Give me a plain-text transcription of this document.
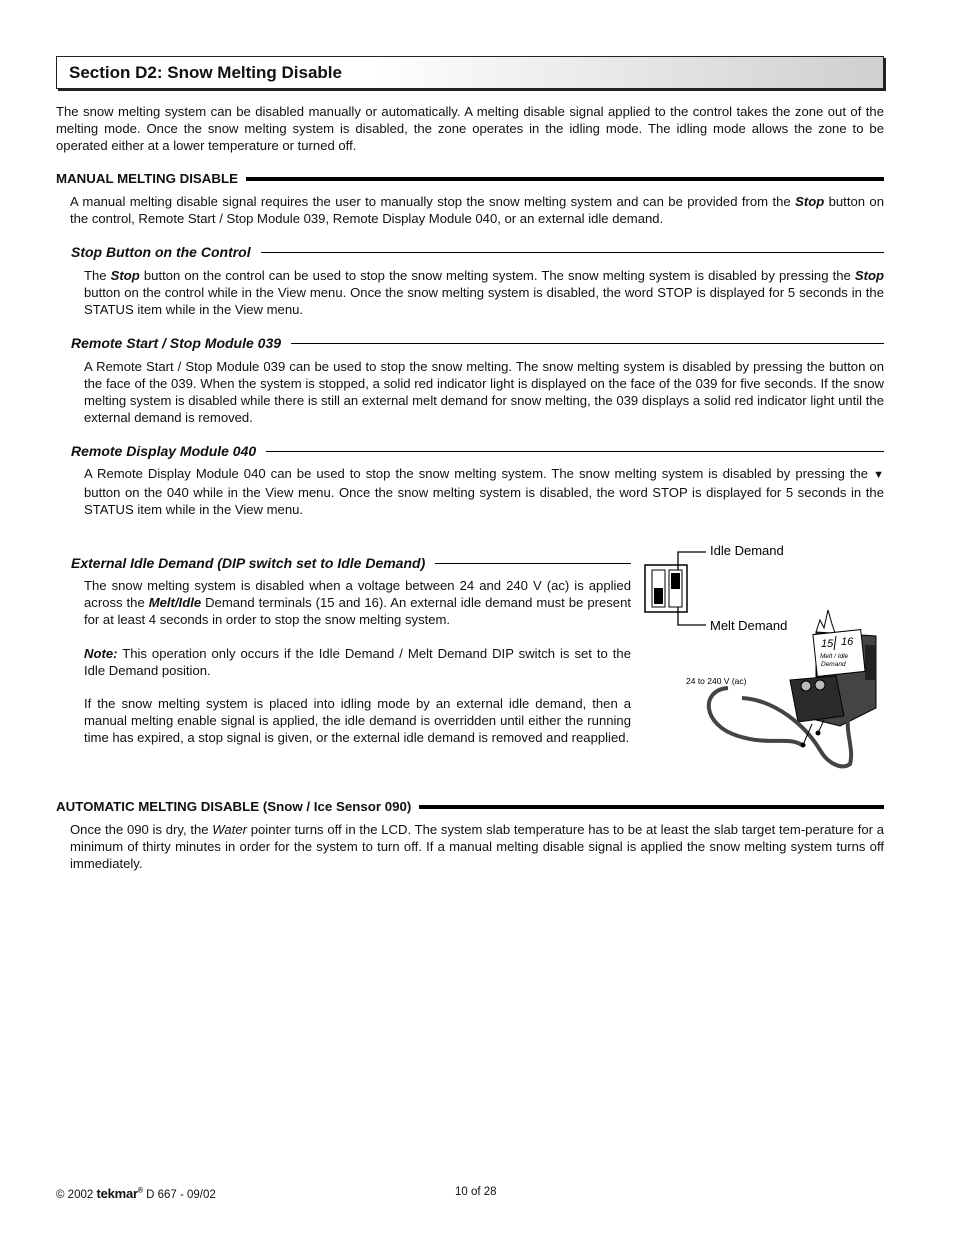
Section D2: Snow Melting Disable

The snow melting system can be disabled manually or automatically. A melting disable signal applied to the control takes the zone out of the melting mode. Once the snow melting system is disabled, the zone operates in the idling mode. The idling mode allows the zone to be operated either at a lower temperature or turned off.

MANUAL MELTING DISABLE

A manual melting disable signal requires the user to manually stop the snow melting system and can be provided from the Stop button on the control, Remote Start / Stop Module 039, Remote Display Module 040, or an external idle demand.

Stop Button on the Control

The Stop button on the control can be used to stop the snow melting system. The snow melting system is disabled by pressing the Stop button on the control while in the View menu. Once the snow melting system is disabled, the word STOP is displayed for 5 seconds in the STATUS item while in the View menu.

Remote Start / Stop Module 039

A Remote Start / Stop Module 039 can be used to stop the snow melting. The snow melting system is disabled by pressing the button on the face of the 039. When the system is stopped, a solid red indicator light is displayed on the face of the 039 for five seconds. If the snow melting system is disabled while there is still an external melt demand for snow melting, the 039 displays a solid red indicator light until the external demand is removed.

Remote Display Module 040

A Remote Display Module 040 can be used to stop the snow melting system. The snow melting system is disabled by pressing the ▼ button on the 040 while in the View menu. Once the snow melting system is disabled, the word STOP is displayed for 5 seconds in the STATUS item while in the View menu.

External Idle Demand (DIP switch set to Idle Demand)

The snow melting system is disabled when a voltage between 24 and 240 V (ac) is applied across the Melt/Idle Demand terminals (15 and 16). An external idle demand must be present for at least 4 seconds in order to stop the snow melting system.

Note: This operation only occurs if the Idle Demand / Melt Demand DIP switch is set to the Idle Demand position.

If the snow melting system is placed into idling mode by an external idle demand, then a manual melting enable signal is applied, the idle demand is overridden until either the running time has expired, a stop signal is given, or the external idle demand is removed and reapplied.

Idle Demand
Melt Demand
15 16
Melt / Idle
Demand
24 to 240 V (ac)
AUTOMATIC MELTING DISABLE (Snow / Ice Sensor 090)

Once the 090 is dry, the Water pointer turns off in the LCD. The system slab temperature has to be at least the slab target tem-perature for a minimum of thirty minutes in order for the system to turn off. If a manual melting disable signal is applied the snow melting system turns off immediately.

© 2002 tekmar® D 667 - 09/02	10 of 28
